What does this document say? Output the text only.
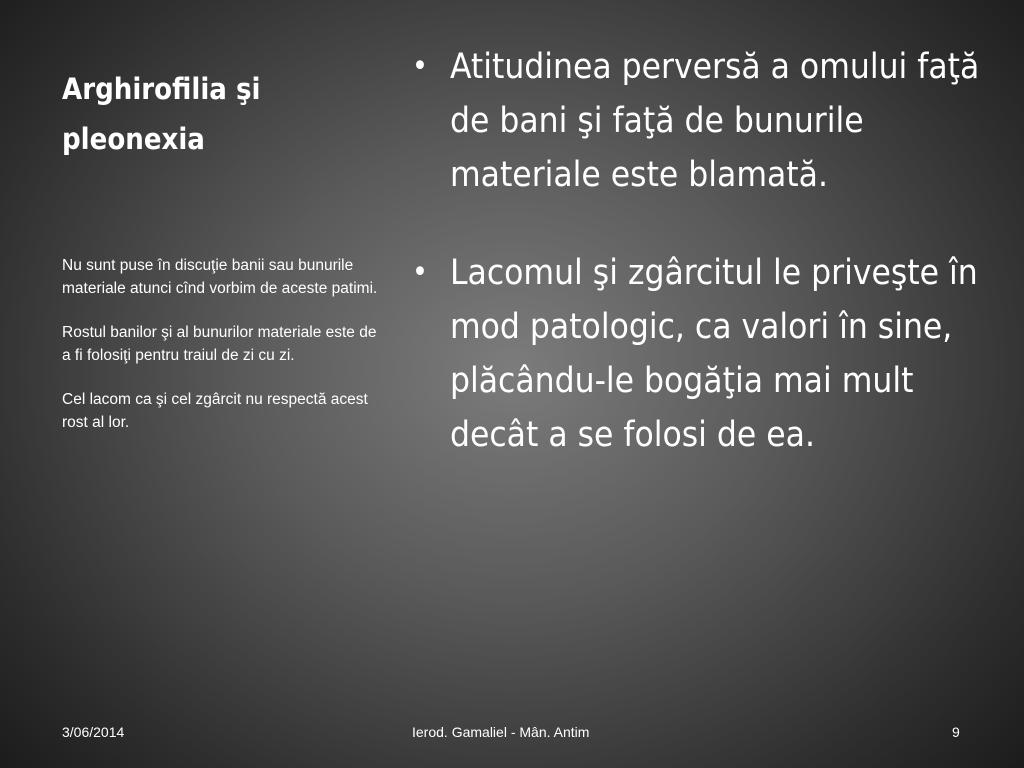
Arghirofilia şi pleonexia

Nu sunt puse în discuţie banii sau bunurile materiale atunci cînd vorbim de aceste patimi.

Rostul banilor şi al bunurilor materiale este de a fi folosiţi pentru traiul de zi cu zi.

Cel lacom ca şi cel zgârcit nu respectă acest rost al lor.

• Atitudinea perversă a omului faţă de bani şi faţă de bunurile materiale este blamată.
• Lacomul şi zgârcitul le priveşte în mod patologic, ca valori în sine, plăcându-le bogăţia mai mult decât a se folosi de ea.
3/06/2014	Ierod. Gamaliel - Mân. Antim	9
